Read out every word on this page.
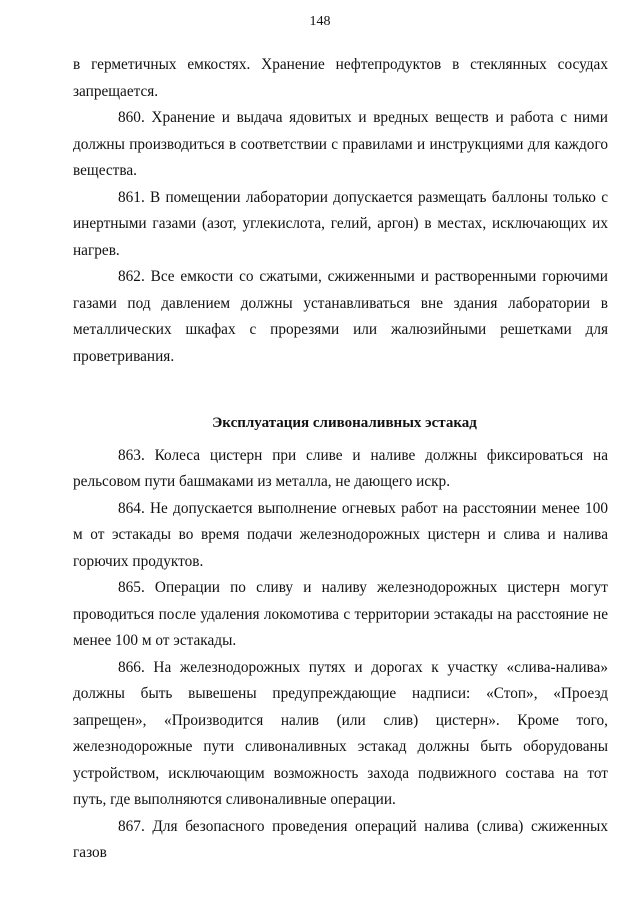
148

в герметичных емкостях. Хранение нефтепродуктов в стеклянных сосудах запрещается.

860. Хранение и выдача ядовитых и вредных веществ и работа с ними должны производиться в соответствии с правилами и инструкциями для каждого вещества.

861. В помещении лаборатории допускается размещать баллоны только с инертными газами (азот, углекислота, гелий, аргон) в местах, исключающих их нагрев.

862. Все емкости со сжатыми, сжиженными и растворенными горючими газами под давлением должны устанавливаться вне здания лаборатории в металлических шкафах с прорезями или жалюзийными решетками для проветривания.

Эксплуатация сливоналивных эстакад

863. Колеса цистерн при сливе и наливе должны фиксироваться на рельсовом пути башмаками из металла, не дающего искр.

864. Не допускается выполнение огневых работ на расстоянии менее 100 м от эстакады во время подачи железнодорожных цистерн и слива и налива горючих продуктов.

865. Операции по сливу и наливу железнодорожных цистерн могут проводиться после удаления локомотива с территории эстакады на расстояние не менее 100 м от эстакады.

866. На железнодорожных путях и дорогах к участку «слива-налива» должны быть вывешены предупреждающие надписи: «Стоп», «Проезд запрещен», «Производится налив (или слив) цистерн». Кроме того, железнодорожные пути сливоналивных эстакад должны быть оборудованы устройством, исключающим возможность захода подвижного состава на тот путь, где выполняются сливоналивные операции.

867. Для безопасного проведения операций налива (слива) сжиженных газов
